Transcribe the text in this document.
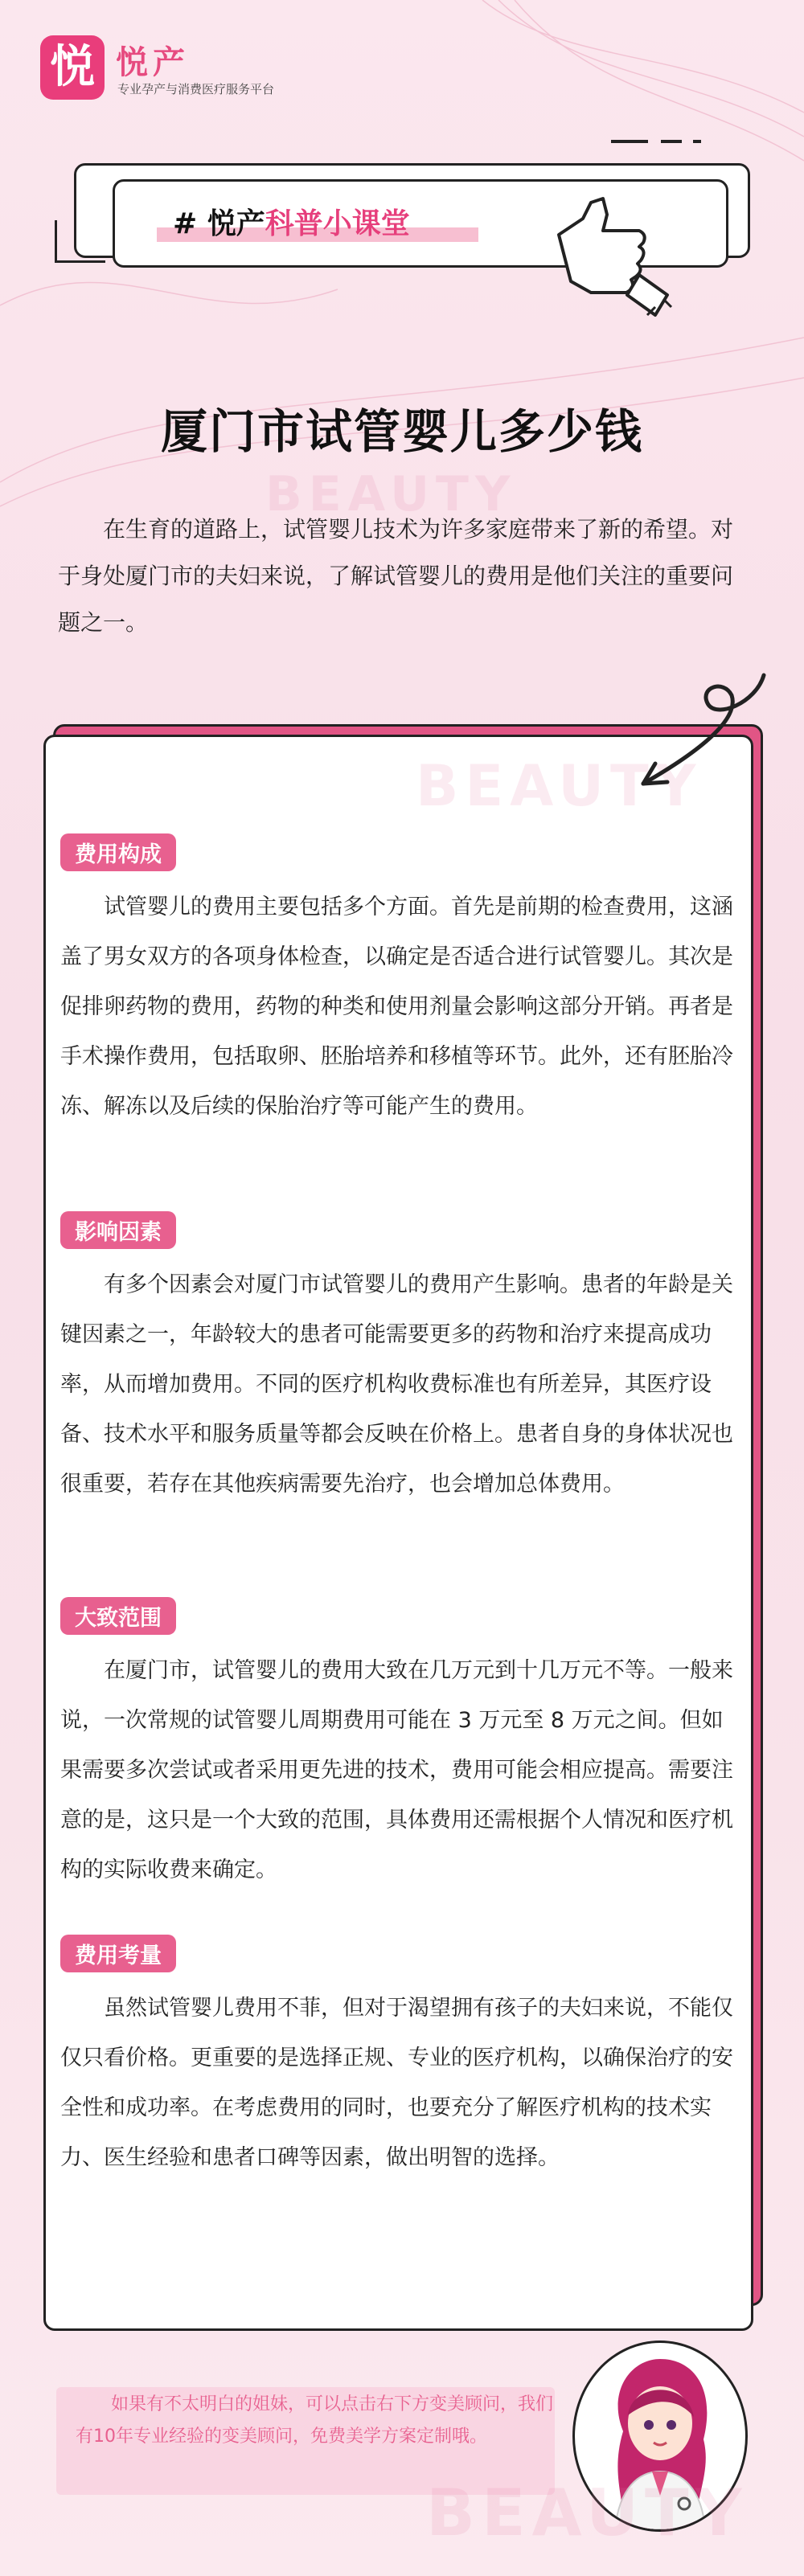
悦 悦产
专业孕产与消费医疗服务平台
# 悦产科普小课堂
厦门市试管婴儿多少钱
BEAUTY
在生育的道路上，试管婴儿技术为许多家庭带来了新的希望。对于身处厦门市的夫妇来说，了解试管婴儿的费用是他们关注的重要问题之一。
BEAUTY
费用构成

试管婴儿的费用主要包括多个方面。首先是前期的检查费用，这涵盖了男女双方的各项身体检查，以确定是否适合进行试管婴儿。其次是促排卵药物的费用，药物的种类和使用剂量会影响这部分开销。再者是手术操作费用，包括取卵、胚胎培养和移植等环节。此外，还有胚胎冷冻、解冻以及后续的保胎治疗等可能产生的费用。

影响因素

有多个因素会对厦门市试管婴儿的费用产生影响。患者的年龄是关键因素之一，年龄较大的患者可能需要更多的药物和治疗来提高成功率，从而增加费用。不同的医疗机构收费标准也有所差异，其医疗设备、技术水平和服务质量等都会反映在价格上。患者自身的身体状况也很重要，若存在其他疾病需要先治疗，也会增加总体费用。

大致范围

在厦门市，试管婴儿的费用大致在几万元到十几万元不等。一般来说，一次常规的试管婴儿周期费用可能在 3 万元至 8 万元之间。但如果需要多次尝试或者采用更先进的技术，费用可能会相应提高。需要注意的是，这只是一个大致的范围，具体费用还需根据个人情况和医疗机构的实际收费来确定。

费用考量

虽然试管婴儿费用不菲，但对于渴望拥有孩子的夫妇来说，不能仅仅只看价格。更重要的是选择正规、专业的医疗机构，以确保治疗的安全性和成功率。在考虑费用的同时，也要充分了解医疗机构的技术实力、医生经验和患者口碑等因素，做出明智的选择。

如果有不太明白的姐妹，可以点击右下方变美顾问，我们有10年专业经验的变美顾问，免费美学方案定制哦。
BEAUTY
